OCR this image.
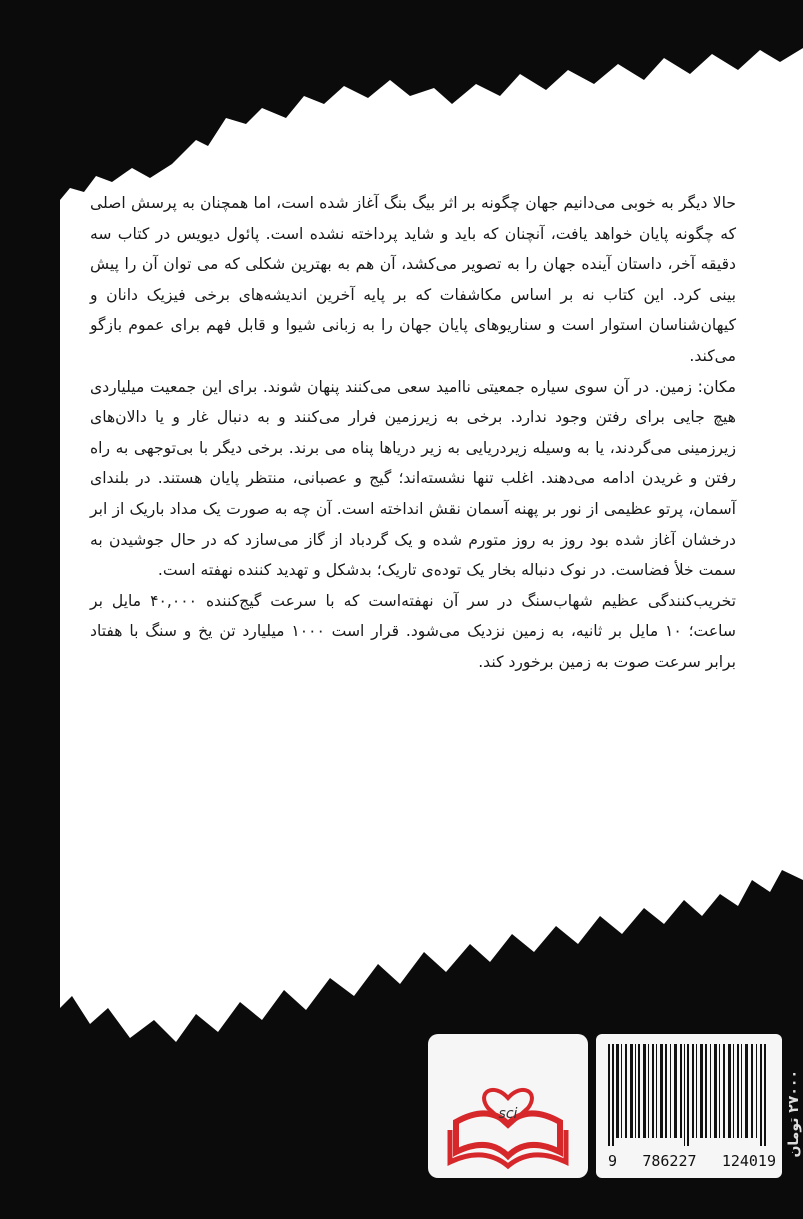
حالا دیگر به خوبی می‌دانیم جهان چگونه بر اثر بیگ بنگ آغاز شده است، اما همچنان به پرسش اصلی که چگونه پایان خواهد یافت، آنچنان که باید و شاید پرداخته نشده است. پائول دیویس در کتاب سه دقیقه آخر، داستان آینده جهان را به تصویر می‌کشد، آن هم به بهترین شکلی که می توان آن را پیش بینی کرد. این کتاب نه بر اساس مکاشفات که بر پایه آخرین اندیشه‌های برخی فیزیک دانان و کیهان‌شناسان استوار است و سناریوهای پایان جهان را به زبانی شیوا و قابل فهم برای عموم بازگو می‌کند.

مکان: زمین. در آن سوی سیاره جمعیتی ناامید سعی می‌کنند پنهان شوند. برای این جمعیت میلیاردی هیچ جایی برای رفتن وجود ندارد. برخی به زیرزمین فرار می‌کنند و به دنبال غار و یا دالان‌های زیرزمینی می‌گردند، یا به وسیله زیردریایی به زیر دریاها پناه می برند. برخی دیگر با بی‌توجهی به راه رفتن و غریدن ادامه می‌دهند. اغلب تنها نشسته‌اند؛ گیج و عصبانی، منتظر پایان هستند. در بلندای آسمان، پرتو عظیمی از نور بر پهنه آسمان نقش انداخته است. آن چه به صورت یک مداد باریک از ابر درخشان آغاز شده بود روز به روز متورم شده و یک گردباد از گاز می‌سازد که در حال جوشیدن به سمت خلأ فضاست. در نوک دنباله بخار یک توده‌ی تاریک؛ بدشکل و تهدید کننده نهفته است.

تخریب‌کنندگی عظیم شهاب‌سنگ در سر آن نهفته‌است که با سرعت گیج‌کننده ۴۰,۰۰۰ مایل بر ساعت؛ ۱۰ مایل بر ثانیه، به زمین نزدیک می‌شود. قرار است ۱۰۰۰ میلیارد تن یخ و سنگ با هفتاد برابر سرعت صوت به زمین برخورد کند.

sci
9 786227 124019
۲۷۰۰۰ تومان
